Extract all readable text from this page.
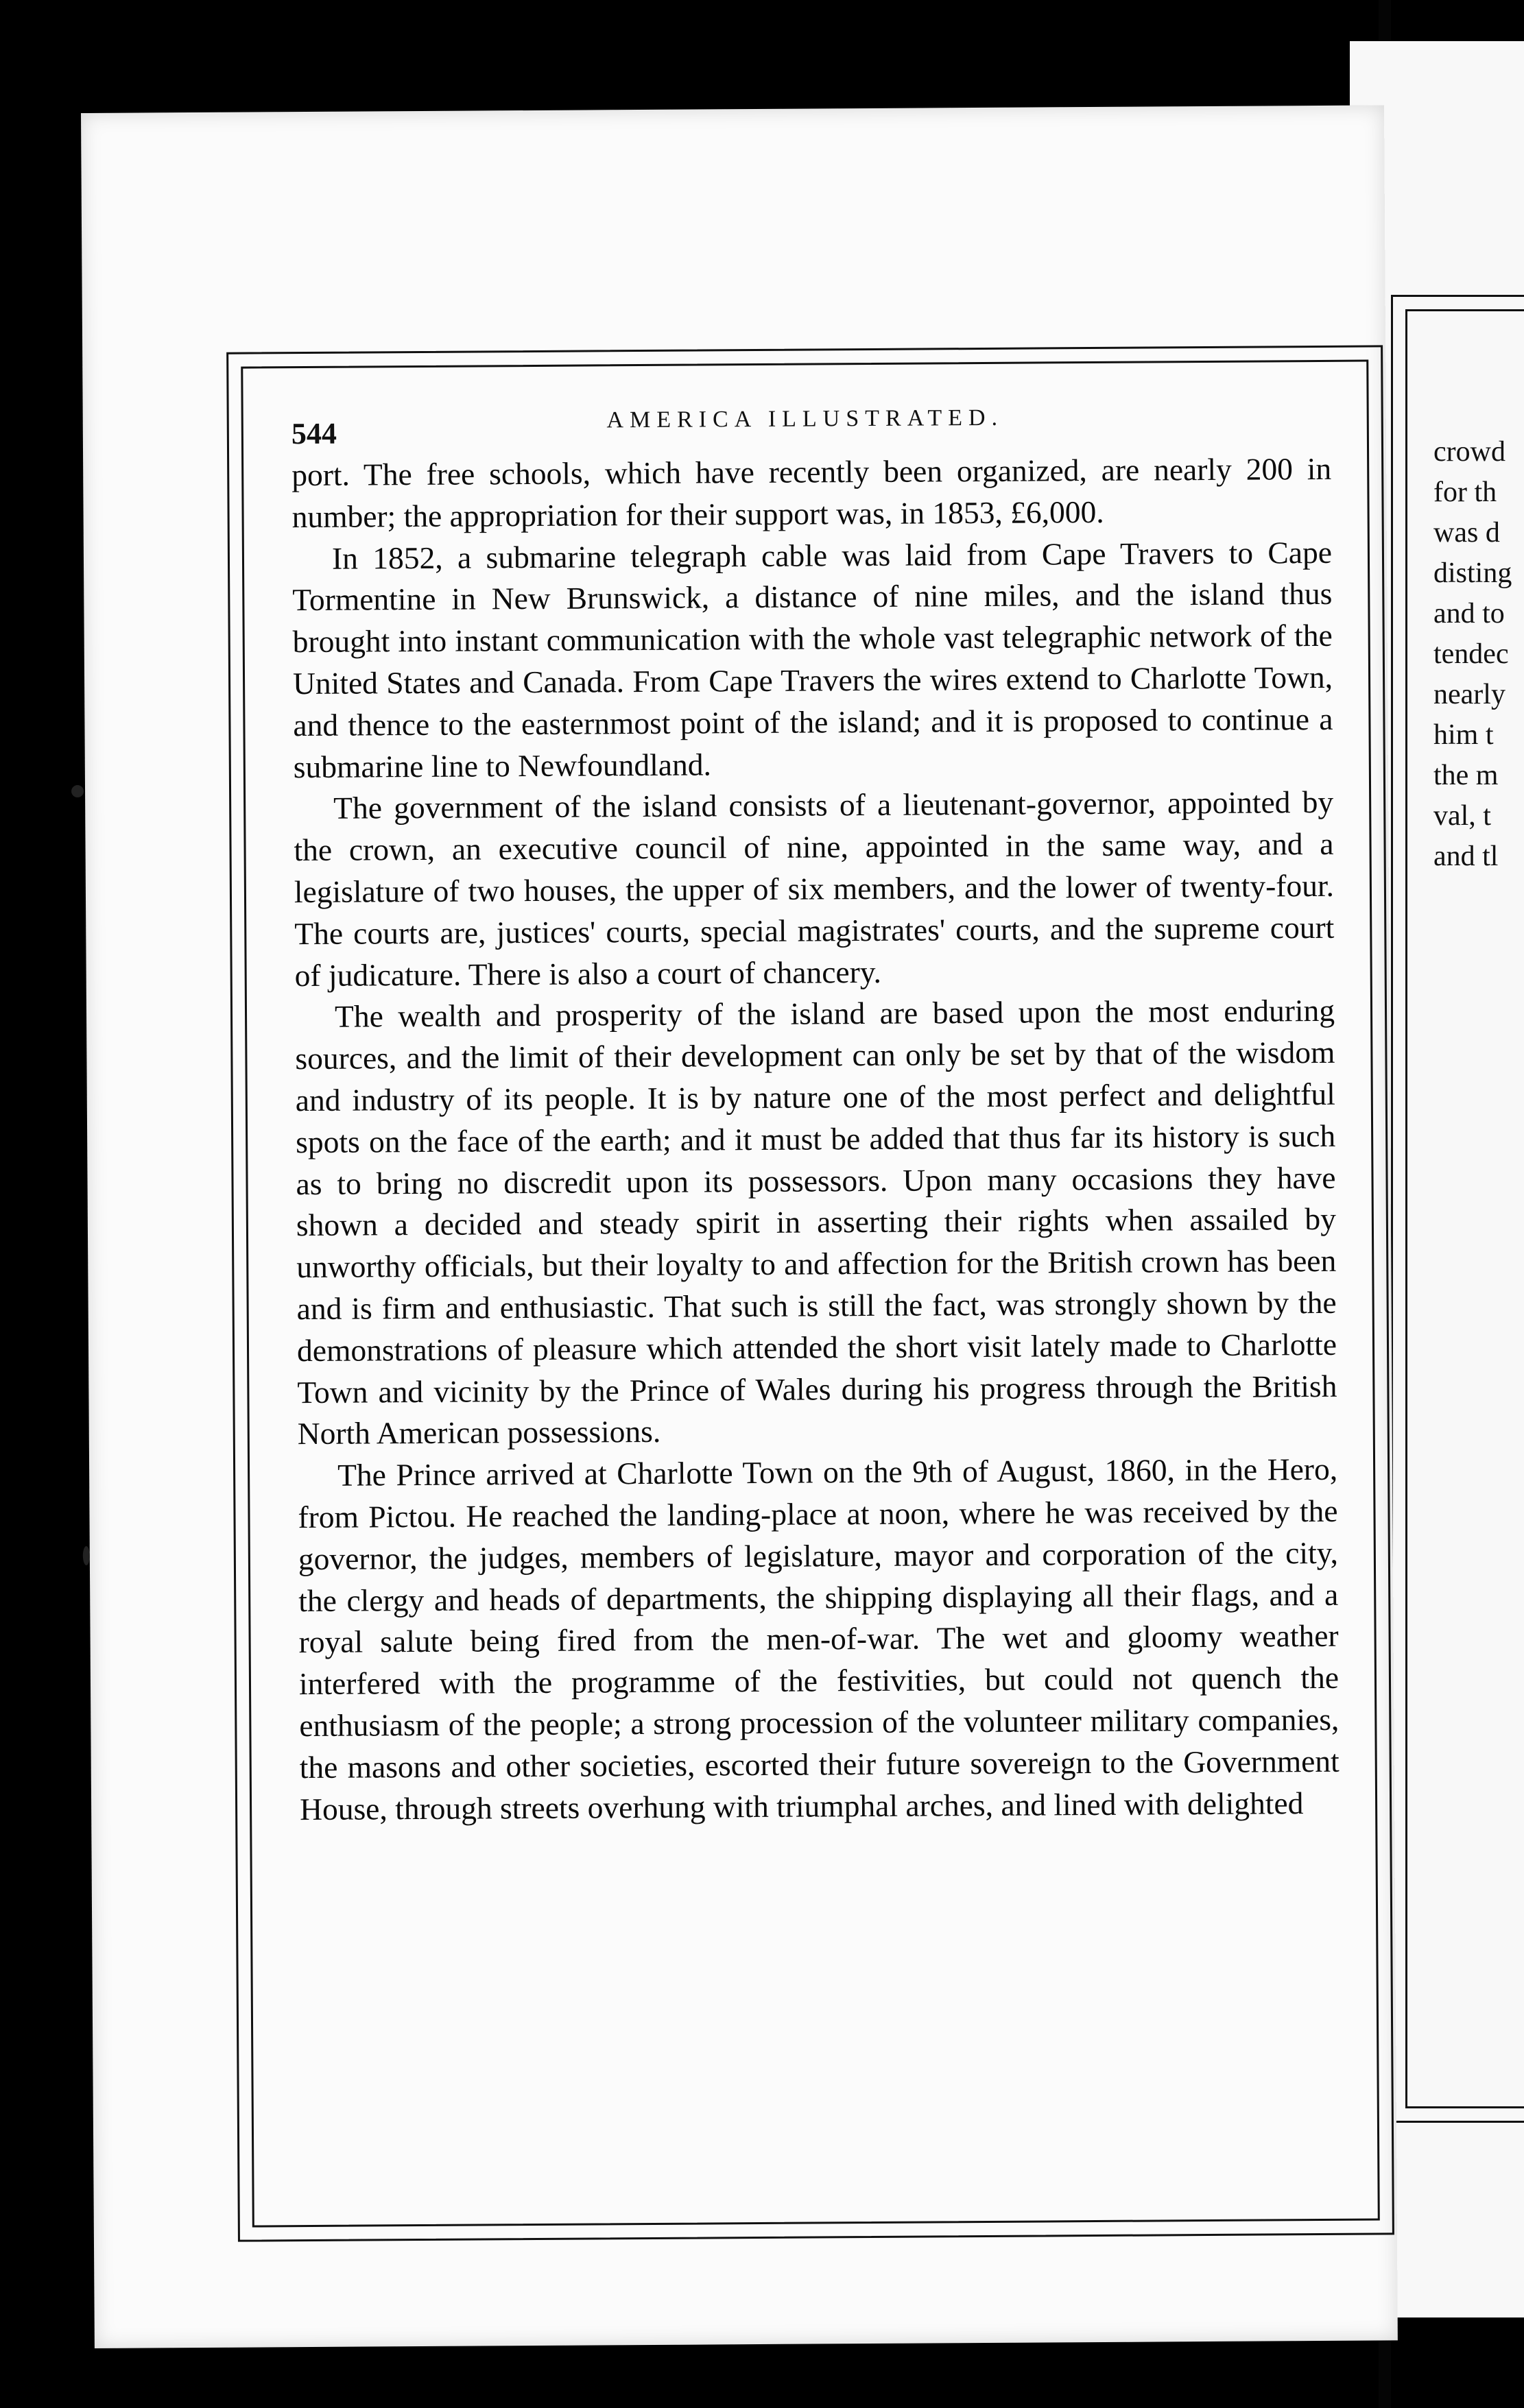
crowd
for th
was d
disting
and to
tendec
nearly
him t
the m
val, t
and tl
544	AMERICA ILLUSTRATED.

port. The free schools, which have recently been organized, are nearly 200 in number; the appropriation for their support was, in 1853, £6,000.

In 1852, a submarine telegraph cable was laid from Cape Travers to Cape Tormentine in New Brunswick, a distance of nine miles, and the island thus brought into instant communication with the whole vast telegraphic network of the United States and Canada. From Cape Travers the wires extend to Charlotte Town, and thence to the easternmost point of the island; and it is proposed to continue a submarine line to Newfoundland.

The government of the island consists of a lieutenant-governor, appointed by the crown, an executive council of nine, appointed in the same way, and a legislature of two houses, the upper of six members, and the lower of twenty-four. The courts are, justices' courts, special magistrates' courts, and the supreme court of judicature. There is also a court of chancery.

The wealth and prosperity of the island are based upon the most enduring sources, and the limit of their development can only be set by that of the wisdom and industry of its people. It is by nature one of the most perfect and delightful spots on the face of the earth; and it must be added that thus far its history is such as to bring no discredit upon its possessors. Upon many occasions they have shown a decided and steady spirit in asserting their rights when assailed by unworthy officials, but their loyalty to and affection for the British crown has been and is firm and enthusiastic. That such is still the fact, was strongly shown by the demonstrations of pleasure which attended the short visit lately made to Charlotte Town and vicinity by the Prince of Wales during his progress through the British North American possessions.

The Prince arrived at Charlotte Town on the 9th of August, 1860, in the Hero, from Pictou. He reached the landing-place at noon, where he was received by the governor, the judges, members of legislature, mayor and corporation of the city, the clergy and heads of departments, the shipping displaying all their flags, and a royal salute being fired from the men-of-war. The wet and gloomy weather interfered with the programme of the festivities, but could not quench the enthusiasm of the people; a strong procession of the volunteer military companies, the masons and other societies, escorted their future sovereign to the Government House, through streets overhung with triumphal arches, and lined with delighted
